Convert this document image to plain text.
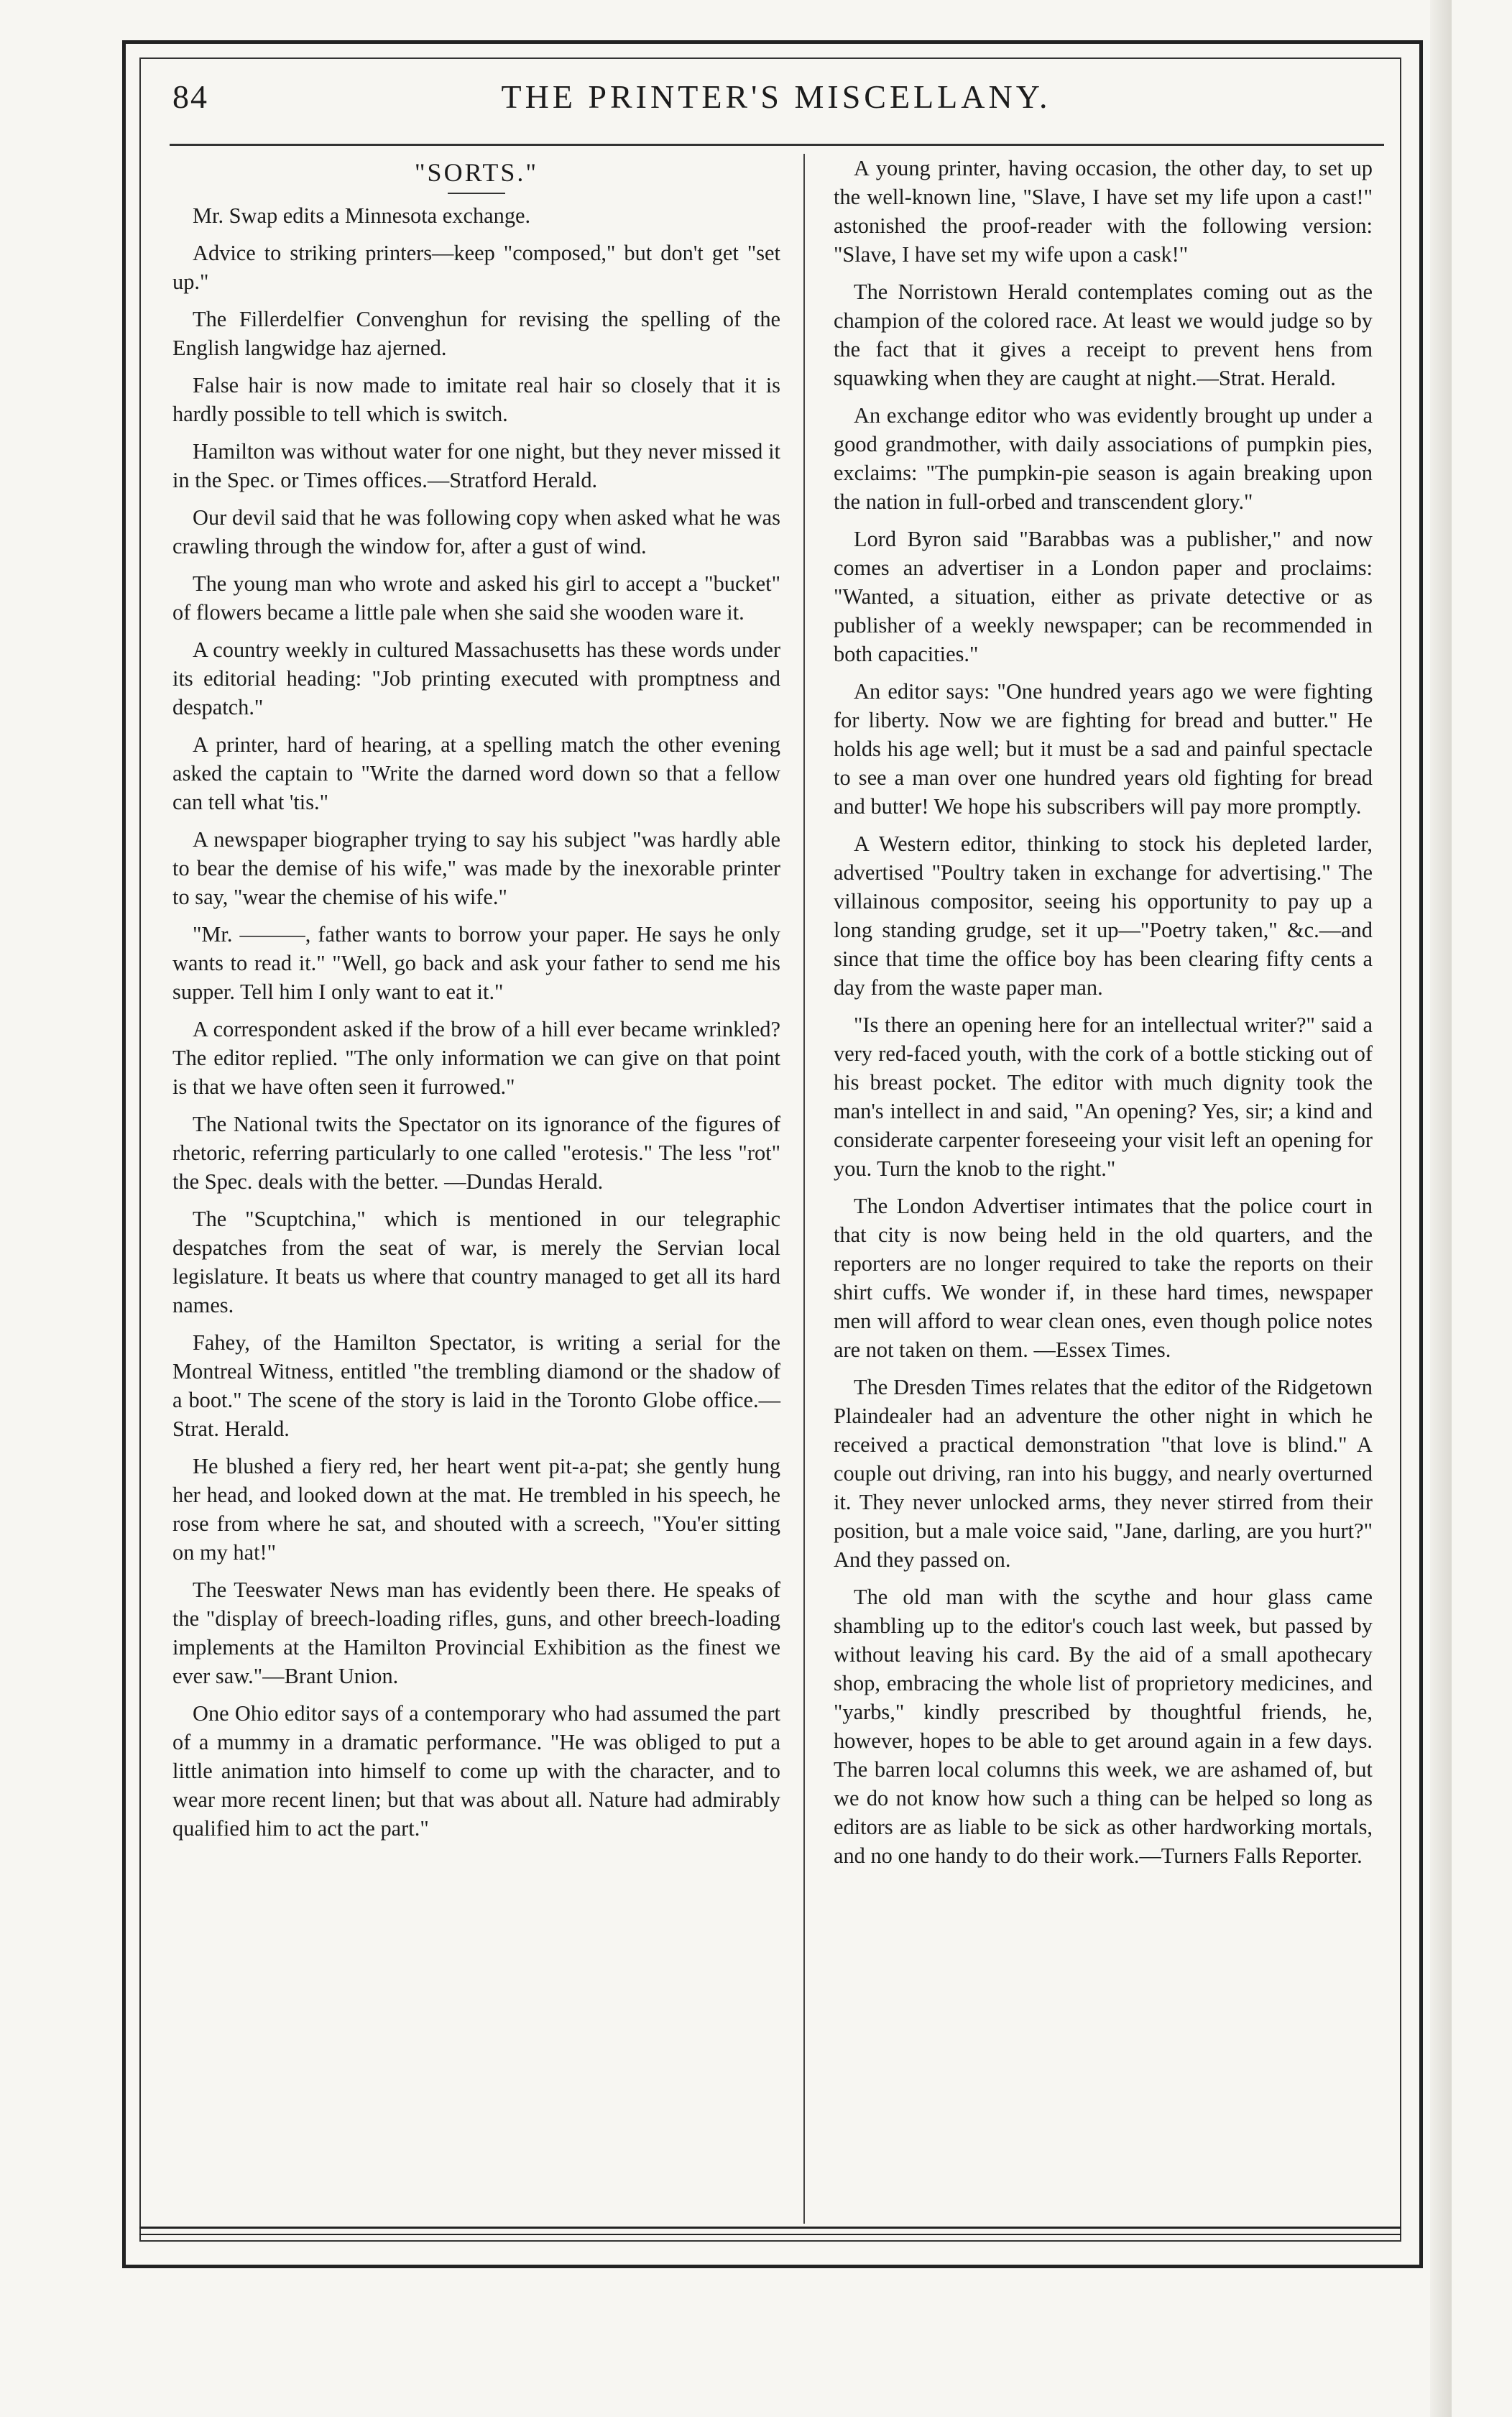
84	THE PRINTER'S MISCELLANY.
"SORTS."

Mr. Swap edits a Minnesota exchange.

Advice to striking printers—keep "composed," but don't get "set up."

The Fillerdelfier Convenghun for revising the spelling of the English langwidge haz ajerned.

False hair is now made to imitate real hair so closely that it is hardly possible to tell which is switch.

Hamilton was without water for one night, but they never missed it in the Spec. or Times offices.—Stratford Herald.

Our devil said that he was following copy when asked what he was crawling through the window for, after a gust of wind.

The young man who wrote and asked his girl to accept a "bucket" of flowers became a little pale when she said she wooden ware it.

A country weekly in cultured Massachusetts has these words under its editorial heading: "Job printing executed with promptness and despatch."

A printer, hard of hearing, at a spelling match the other evening asked the captain to "Write the darned word down so that a fellow can tell what 'tis."

A newspaper biographer trying to say his subject "was hardly able to bear the demise of his wife," was made by the inexorable printer to say, "wear the chemise of his wife."

"Mr. ———, father wants to borrow your paper. He says he only wants to read it." "Well, go back and ask your father to send me his supper. Tell him I only want to eat it."

A correspondent asked if the brow of a hill ever became wrinkled? The editor replied. "The only information we can give on that point is that we have often seen it furrowed."

The National twits the Spectator on its ignorance of the figures of rhetoric, referring particularly to one called "erotesis." The less "rot" the Spec. deals with the better. —Dundas Herald.

The "Scuptchina," which is mentioned in our telegraphic despatches from the seat of war, is merely the Servian local legislature. It beats us where that country managed to get all its hard names.

Fahey, of the Hamilton Spectator, is writing a serial for the Montreal Witness, entitled "the trembling diamond or the shadow of a boot." The scene of the story is laid in the Toronto Globe office.—Strat. Herald.

He blushed a fiery red, her heart went pit-a-pat; she gently hung her head, and looked down at the mat. He trembled in his speech, he rose from where he sat, and shouted with a screech, "You'er sitting on my hat!"

The Teeswater News man has evidently been there. He speaks of the "display of breech-loading rifles, guns, and other breech-loading implements at the Hamilton Provincial Exhibition as the finest we ever saw."—Brant Union.

One Ohio editor says of a contemporary who had assumed the part of a mummy in a dramatic performance. "He was obliged to put a little animation into himself to come up with the character, and to wear more recent linen; but that was about all. Nature had admirably qualified him to act the part."

A young printer, having occasion, the other day, to set up the well-known line, "Slave, I have set my life upon a cast!" astonished the proof-reader with the following version: "Slave, I have set my wife upon a cask!"

The Norristown Herald contemplates coming out as the champion of the colored race. At least we would judge so by the fact that it gives a receipt to prevent hens from squawking when they are caught at night.—Strat. Herald.

An exchange editor who was evidently brought up under a good grandmother, with daily associations of pumpkin pies, exclaims: "The pumpkin-pie season is again breaking upon the nation in full-orbed and transcendent glory."

Lord Byron said "Barabbas was a publisher," and now comes an advertiser in a London paper and proclaims: "Wanted, a situation, either as private detective or as publisher of a weekly newspaper; can be recommended in both capacities."

An editor says: "One hundred years ago we were fighting for liberty. Now we are fighting for bread and butter." He holds his age well; but it must be a sad and painful spectacle to see a man over one hundred years old fighting for bread and butter! We hope his subscribers will pay more promptly.

A Western editor, thinking to stock his depleted larder, advertised "Poultry taken in exchange for advertising." The villainous compositor, seeing his opportunity to pay up a long standing grudge, set it up—"Poetry taken," &c.—and since that time the office boy has been clearing fifty cents a day from the waste paper man.

"Is there an opening here for an intellectual writer?" said a very red-faced youth, with the cork of a bottle sticking out of his breast pocket. The editor with much dignity took the man's intellect in and said, "An opening? Yes, sir; a kind and considerate carpenter foreseeing your visit left an opening for you. Turn the knob to the right."

The London Advertiser intimates that the police court in that city is now being held in the old quarters, and the reporters are no longer required to take the reports on their shirt cuffs. We wonder if, in these hard times, newspaper men will afford to wear clean ones, even though police notes are not taken on them. —Essex Times.

The Dresden Times relates that the editor of the Ridgetown Plaindealer had an adventure the other night in which he received a practical demonstration "that love is blind." A couple out driving, ran into his buggy, and nearly overturned it. They never unlocked arms, they never stirred from their position, but a male voice said, "Jane, darling, are you hurt?" And they passed on.

The old man with the scythe and hour glass came shambling up to the editor's couch last week, but passed by without leaving his card. By the aid of a small apothecary shop, embracing the whole list of proprietory medicines, and "yarbs," kindly prescribed by thoughtful friends, he, however, hopes to be able to get around again in a few days. The barren local columns this week, we are ashamed of, but we do not know how such a thing can be helped so long as editors are as liable to be sick as other hardworking mortals, and no one handy to do their work.—Turners Falls Reporter.
